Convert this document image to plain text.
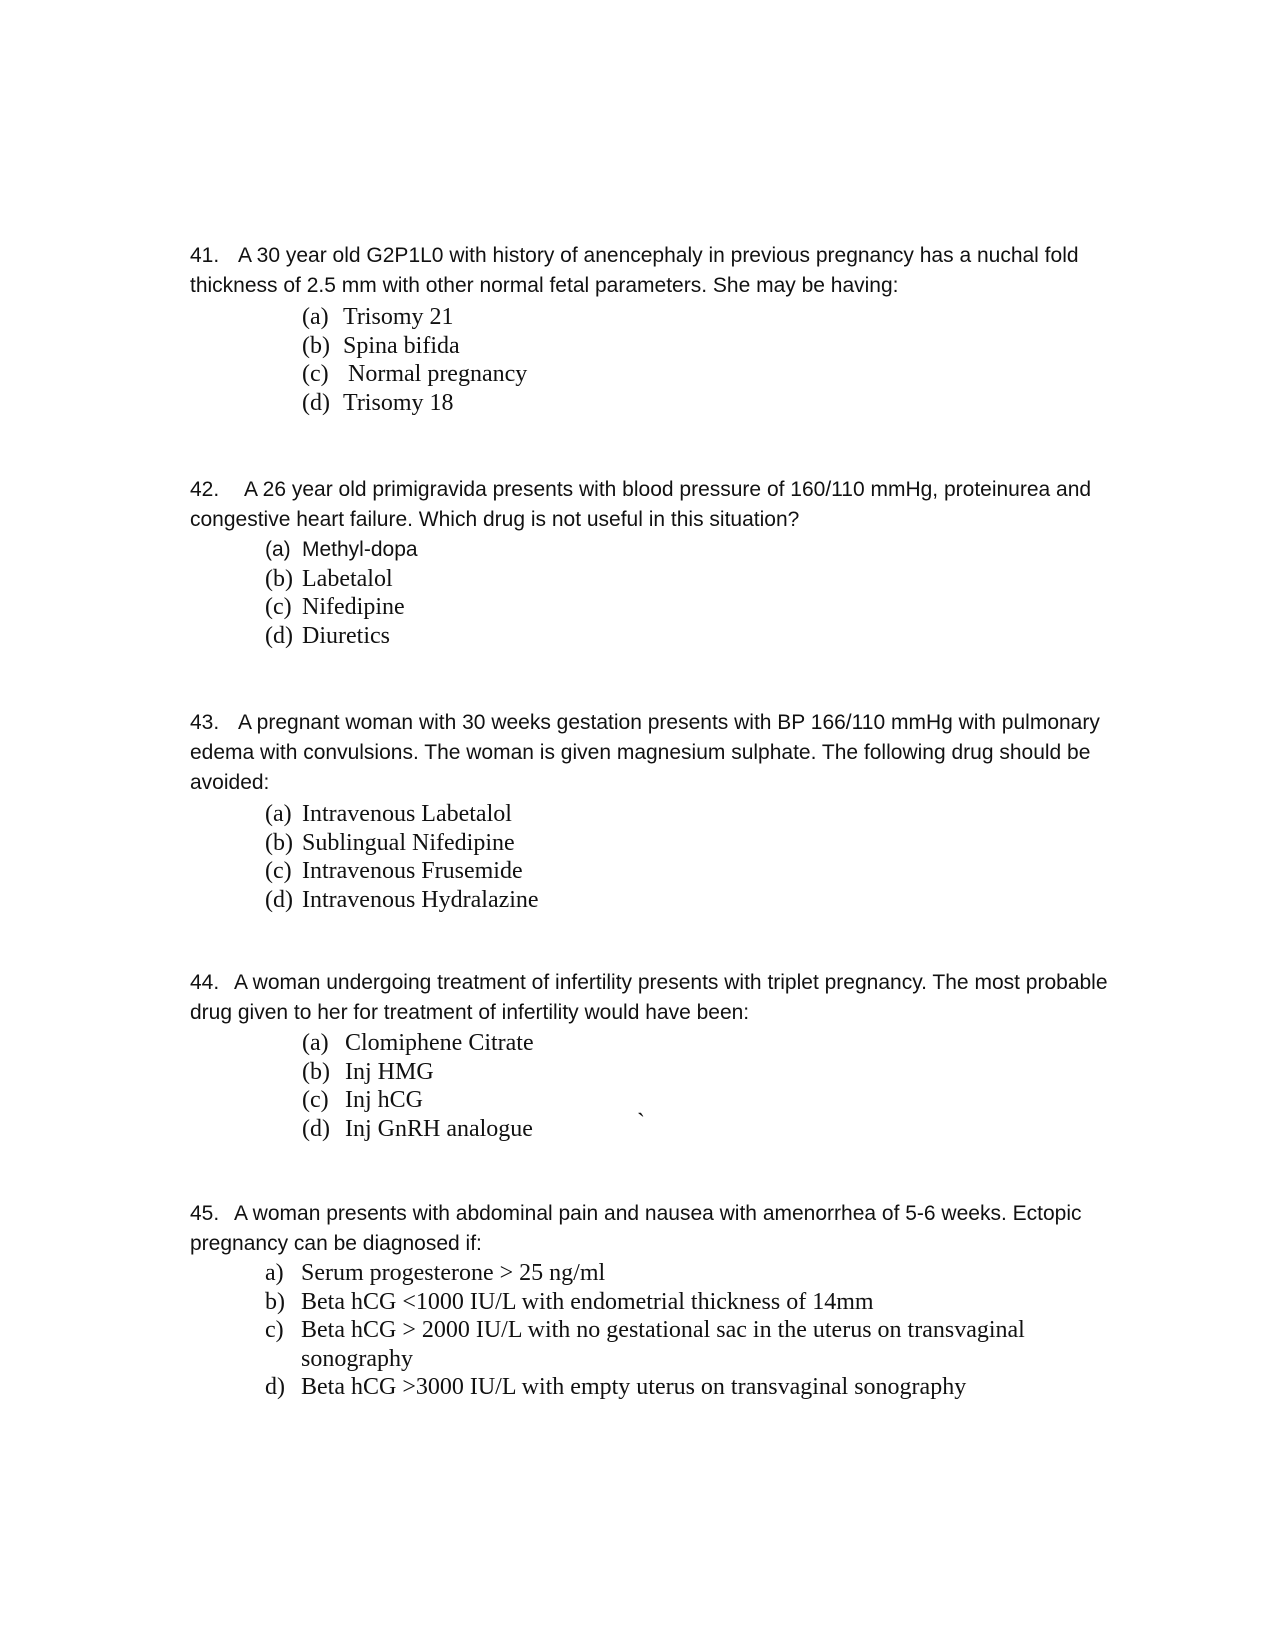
41. A 30 year old G2P1L0 with history of anencephaly in previous pregnancy has a nuchal fold thickness of 2.5 mm with other normal fetal parameters. She may be having:

(a) Trisomy 21
(b) Spina bifida
(c) Normal pregnancy
(d) Trisomy 18

42. A 26 year old primigravida presents with blood pressure of 160/110 mmHg, proteinurea and congestive heart failure. Which drug is not useful in this situation?

(a) Methyl-dopa
(b) Labetalol
(c) Nifedipine
(d) Diuretics

43. A pregnant woman with 30 weeks gestation presents with BP 166/110 mmHg with pulmonary edema with convulsions. The woman is given magnesium sulphate. The following drug should be avoided:

(a) Intravenous Labetalol
(b) Sublingual Nifedipine
(c) Intravenous Frusemide
(d) Intravenous Hydralazine

44. A woman undergoing treatment of infertility presents with triplet pregnancy. The most probable drug given to her for treatment of infertility would have been:

(a) Clomiphene Citrate
(b) Inj HMG
(c) Inj hCG
(d) Inj GnRH analogue	`

45. A woman presents with abdominal pain and nausea with amenorrhea of 5-6 weeks. Ectopic pregnancy can be diagnosed if:

a) Serum progesterone > 25 ng/ml
b) Beta hCG <1000 IU/L with endometrial thickness of 14mm
c) Beta hCG > 2000 IU/L with no gestational sac in the uterus on transvaginal sonography
d) Beta hCG >3000 IU/L with empty uterus on transvaginal sonography
